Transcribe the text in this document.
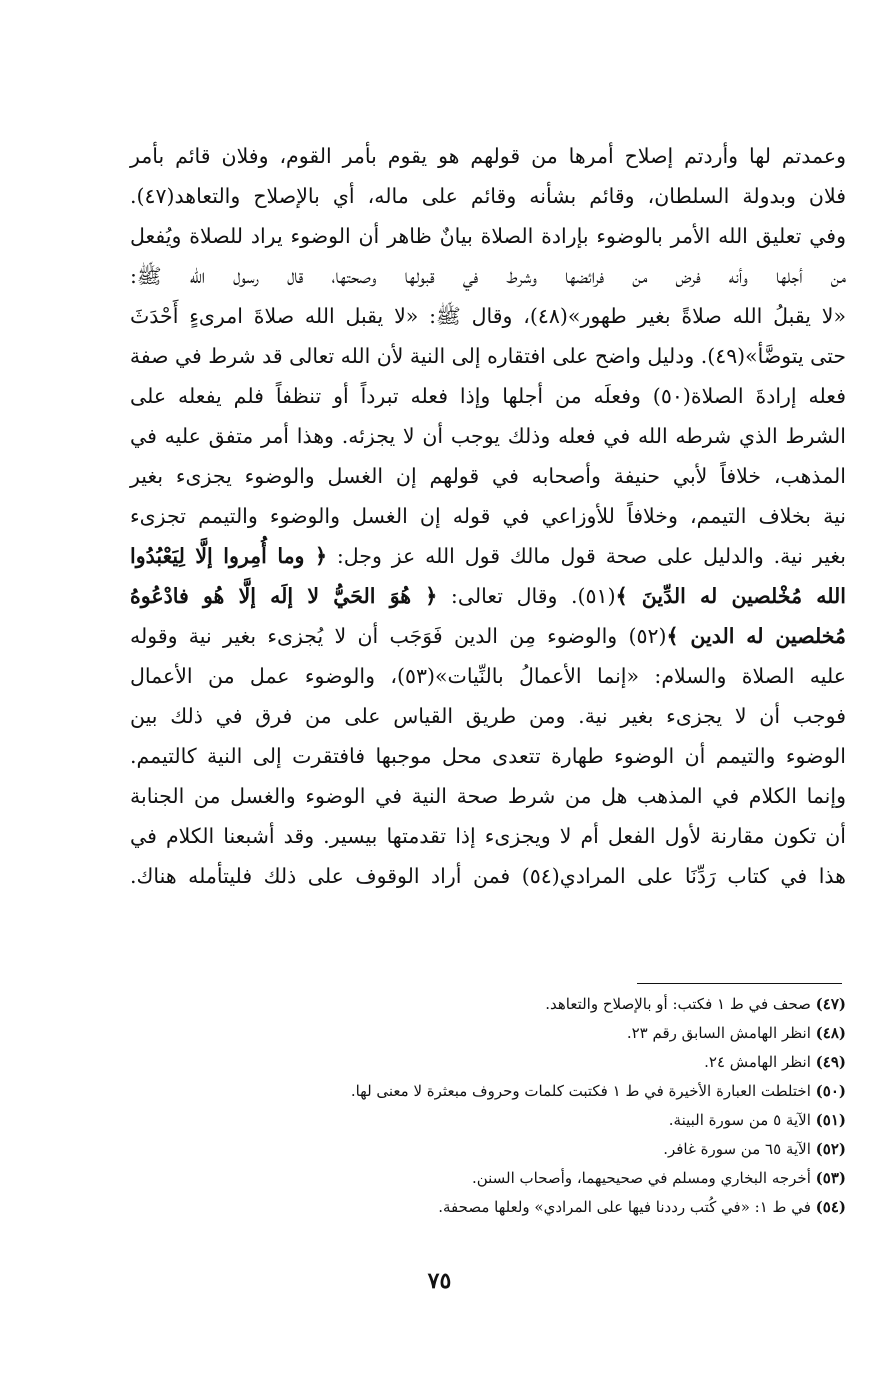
وعمدتم لها وأردتم إصلاح أمرها من قولهم هو يقوم بأمر القوم، وفلان قائم بأمر
فلان وبدولة السلطان، وقائم بشأنه وقائم على ماله، أي بالإصلاح والتعاهد(٤٧).
وفي تعليق الله الأمر بالوضوء بإرادة الصلاة بيانٌ ظاهر أن الوضوء يراد للصلاة ويُفعل
من أجلها وأنه فرض من فرائضها وشرط في قبولها وصحتها، قال رسول الله ﷺ:
«لا يقبلُ الله صلاةً بغير طهور»(٤٨)، وقال ﷺ: «لا يقبل الله صلاةَ امرىءٍ أَحْدَثَ
حتى يتوضَّأ»(٤٩). ودليل واضح على افتقاره إلى النية لأن الله تعالى قد شرط في صفة
فعله إرادةَ الصلاة(٥٠) وفعلَه من أجلها وإذا فعله تبرداً أو تنظفاً فلم يفعله على
الشرط الذي شرطه الله في فعله وذلك يوجب أن لا يجزئه. وهذا أمر متفق عليه في
المذهب، خلافاً لأبي حنيفة وأصحابه في قولهم إن الغسل والوضوء يجزىء بغير
نية بخلاف التيمم، وخلافاً للأوزاعي في قوله إن الغسل والوضوء والتيمم تجزىء
بغير نية. والدليل على صحة قول مالك قول الله عز وجل: ﴿ وما أُمِروا إلَّا لِيَعْبُدُوا
الله مُخْلصين له الدِّينَ ﴾(٥١). وقال تعالى: ﴿ هُوَ الحَيُّ لا إلَه إلَّا هُو فادْعُوهُ
مُخلصين له الدين ﴾(٥٢) والوضوء مِن الدين فَوَجَب أن لا يُجزىء بغير نية وقوله
عليه الصلاة والسلام: «إنما الأعمالُ بالنِّيات»(٥٣)، والوضوء عمل من الأعمال
فوجب أن لا يجزىء بغير نية. ومن طريق القياس على من فرق في ذلك بين
الوضوء والتيمم أن الوضوء طهارة تتعدى محل موجبها فافتقرت إلى النية كالتيمم.
وإنما الكلام في المذهب هل من شرط صحة النية في الوضوء والغسل من الجنابة
أن تكون مقارنة لأول الفعل أم لا ويجزىء إذا تقدمتها بيسير. وقد أشبعنا الكلام في
هذا في كتاب رَدِّنَا على المرادي(٥٤) فمن أراد الوقوف على ذلك فليتأمله هناك.
(٤٧) صحف في ط ١ فكتب: أو بالإصلاح والتعاهد.
(٤٨) انظر الهامش السابق رقم ٢٣.
(٤٩) انظر الهامش ٢٤.
(٥٠) اختلطت العبارة الأخيرة في ط ١ فكتبت كلمات وحروف مبعثرة لا معنى لها.
(٥١) الآية ٥ من سورة البينة.
(٥٢) الآية ٦٥ من سورة غافر.
(٥٣) أخرجه البخاري ومسلم في صحيحيهما، وأصحاب السنن.
(٥٤) في ط ١: «في كُتب رددنا فيها على المرادي» ولعلها مصحفة.
٧٥
